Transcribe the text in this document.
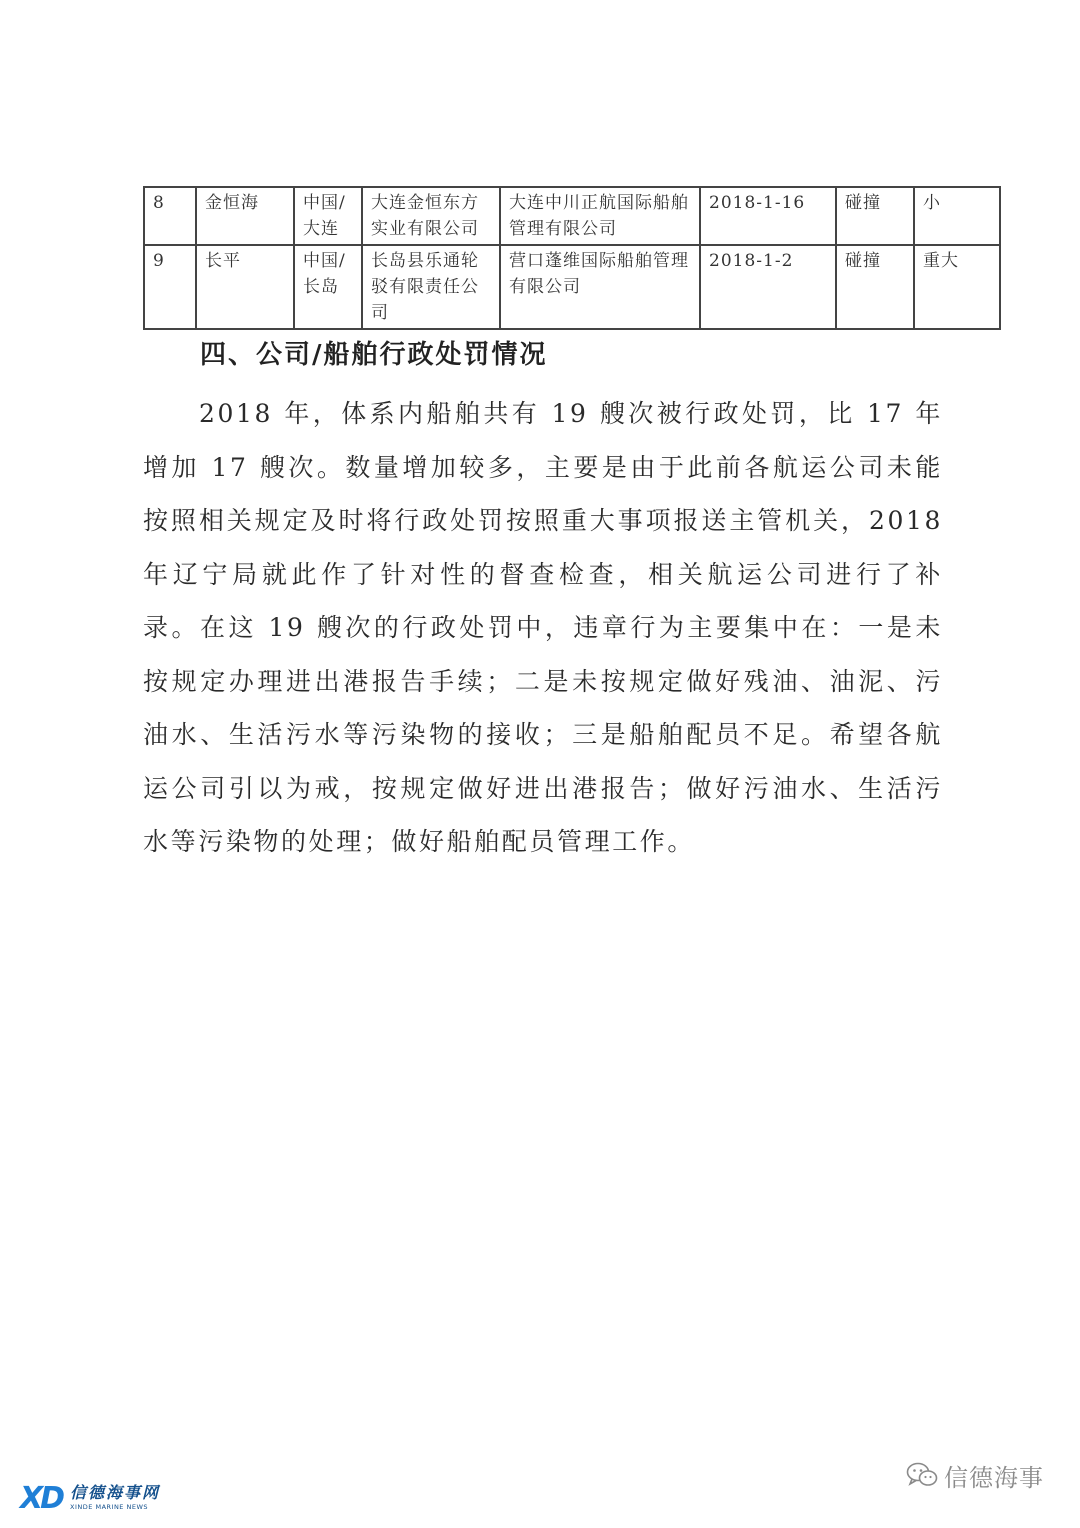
8	金恒海	中国/大连	大连金恒东方实业有限公司	大连中川正航国际船舶管理有限公司	2018-1-16	碰撞	小
9	长平	中国/长岛	长岛县乐通轮驳有限责任公司	营口蓬维国际船舶管理有限公司	2018-1-2	碰撞	重大
四、公司/船舶行政处罚情况

2018 年，体系内船舶共有 19 艘次被行政处罚，比 17 年增加 17 艘次。数量增加较多，主要是由于此前各航运公司未能按照相关规定及时将行政处罚按照重大事项报送主管机关，2018 年辽宁局就此作了针对性的督查检查，相关航运公司进行了补录。在这 19 艘次的行政处罚中，违章行为主要集中在：一是未按规定办理进出港报告手续；二是未按规定做好残油、油泥、污油水、生活污水等污染物的接收；三是船舶配员不足。希望各航运公司引以为戒，按规定做好进出港报告；做好污油水、生活污水等污染物的处理；做好船舶配员管理工作。

XD 信德海事网
XINDE MARINE NEWS
信德海事
